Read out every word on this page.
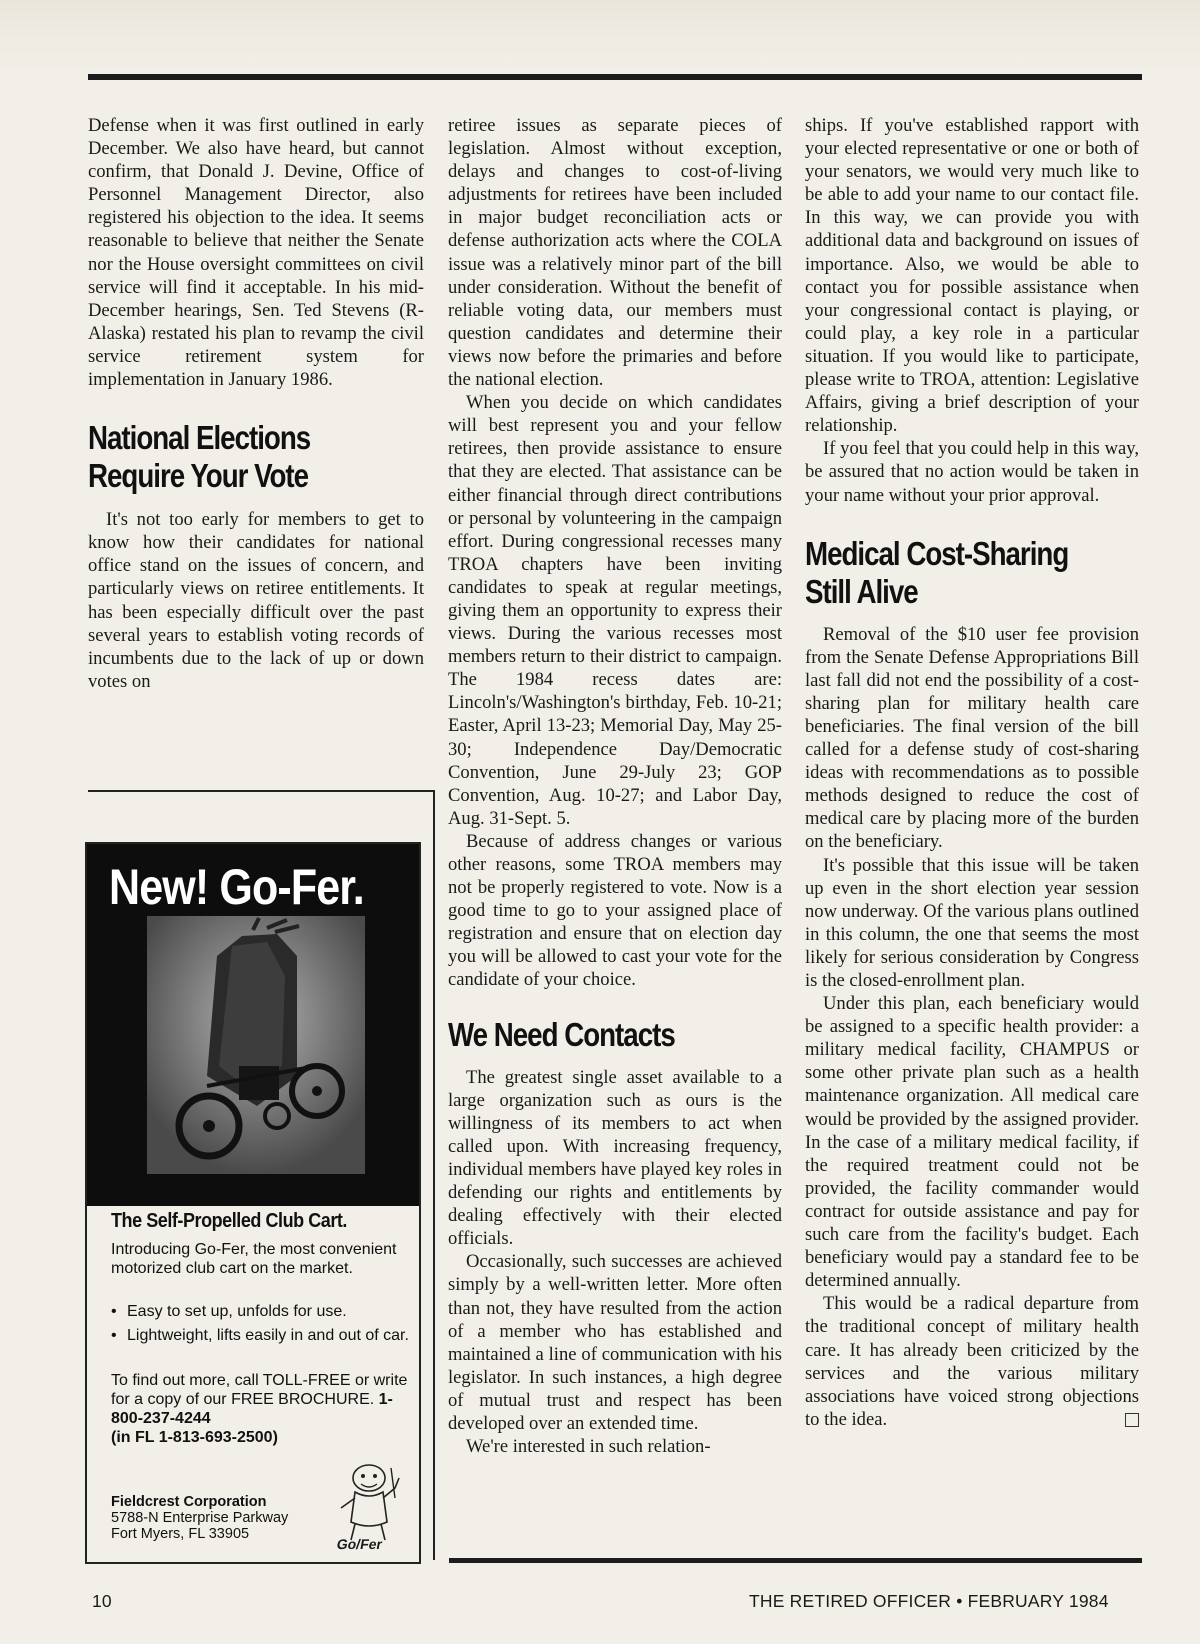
Defense when it was first outlined in early December. We also have heard, but cannot confirm, that Donald J. Devine, Office of Personnel Management Director, also registered his objection to the idea. It seems reasonable to believe that neither the Senate nor the House oversight committees on civil service will find it acceptable. In his mid-December hearings, Sen. Ted Stevens (R-Alaska) restated his plan to revamp the civil service retirement system for implementation in January 1986.

National Elections
Require Your Vote

It's not too early for members to get to know how their candidates for national office stand on the issues of concern, and particularly views on retiree entitlements. It has been especially difficult over the past several years to establish voting records of incumbents due to the lack of up or down votes on

New! Go-Fer.
The Self-Propelled Club Cart.
Introducing Go-Fer, the most convenient motorized club cart on the market.
• Easy to set up, unfolds for use.
• Lightweight, lifts easily in and out of car.
To find out more, call TOLL-FREE or write for a copy of our FREE BROCHURE. 1-800-237-4244
(in FL 1-813-693-2500)
Fieldcrest Corporation
5788-N Enterprise Parkway
Fort Myers, FL 33905
Go/Fer

retiree issues as separate pieces of legislation. Almost without exception, delays and changes to cost-of-living adjustments for retirees have been included in major budget reconciliation acts or defense authorization acts where the COLA issue was a relatively minor part of the bill under consideration. Without the benefit of reliable voting data, our members must question candidates and determine their views now before the primaries and before the national election.

When you decide on which candidates will best represent you and your fellow retirees, then provide assistance to ensure that they are elected. That assistance can be either financial through direct contributions or personal by volunteering in the campaign effort. During congressional recesses many TROA chapters have been inviting candidates to speak at regular meetings, giving them an opportunity to express their views. During the various recesses most members return to their district to campaign. The 1984 recess dates are: Lincoln's/Washington's birthday, Feb. 10-21; Easter, April 13-23; Memorial Day, May 25-30; Independence Day/Democratic Convention, June 29-July 23; GOP Convention, Aug. 10-27; and Labor Day, Aug. 31-Sept. 5.

Because of address changes or various other reasons, some TROA members may not be properly registered to vote. Now is a good time to go to your assigned place of registration and ensure that on election day you will be allowed to cast your vote for the candidate of your choice.

We Need Contacts

The greatest single asset available to a large organization such as ours is the willingness of its members to act when called upon. With increasing frequency, individual members have played key roles in defending our rights and entitlements by dealing effectively with their elected officials.

Occasionally, such successes are achieved simply by a well-written letter. More often than not, they have resulted from the action of a member who has established and maintained a line of communication with his legislator. In such instances, a high degree of mutual trust and respect has been developed over an extended time.

We're interested in such relation-

ships. If you've established rapport with your elected representative or one or both of your senators, we would very much like to be able to add your name to our contact file. In this way, we can provide you with additional data and background on issues of importance. Also, we would be able to contact you for possible assistance when your congressional contact is playing, or could play, a key role in a particular situation. If you would like to participate, please write to TROA, attention: Legislative Affairs, giving a brief description of your relationship.

If you feel that you could help in this way, be assured that no action would be taken in your name without your prior approval.

Medical Cost-Sharing
Still Alive

Removal of the $10 user fee provision from the Senate Defense Appropriations Bill last fall did not end the possibility of a cost-sharing plan for military health care beneficiaries. The final version of the bill called for a defense study of cost-sharing ideas with recommendations as to possible methods designed to reduce the cost of medical care by placing more of the burden on the beneficiary.

It's possible that this issue will be taken up even in the short election year session now underway. Of the various plans outlined in this column, the one that seems the most likely for serious consideration by Congress is the closed-enrollment plan.

Under this plan, each beneficiary would be assigned to a specific health provider: a military medical facility, CHAMPUS or some other private plan such as a health maintenance organization. All medical care would be provided by the assigned provider. In the case of a military medical facility, if the required treatment could not be provided, the facility commander would contract for outside assistance and pay for such care from the facility's budget. Each beneficiary would pay a standard fee to be determined annually.

This would be a radical departure from the traditional concept of military health care. It has already been criticized by the services and the various military associations have voiced strong objections to the idea.

10	THE RETIRED OFFICER • FEBRUARY 1984
